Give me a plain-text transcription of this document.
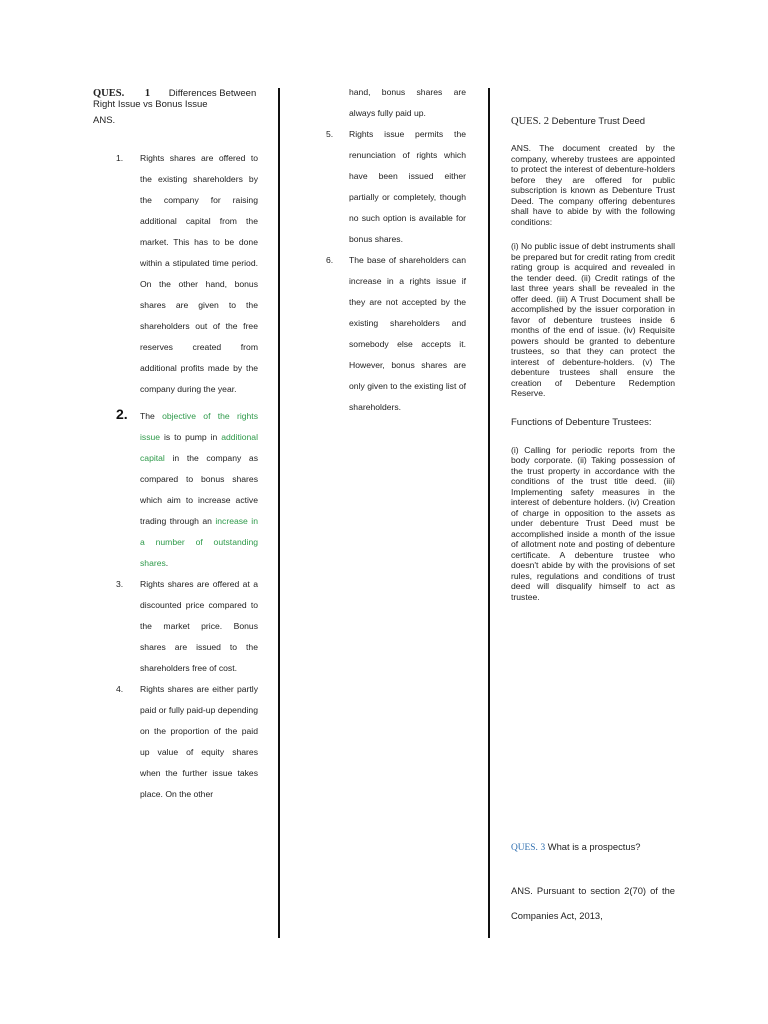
QUES. 1 Differences Between
Right Issue vs Bonus Issue
ANS.
1. Rights shares are offered to the existing shareholders by the company for raising additional capital from the market. This has to be done within a stipulated time period. On the other hand, bonus shares are given to the shareholders out of the free reserves created from additional profits made by the company during the year.
2. The objective of the rights issue is to pump in additional capital in the company as compared to bonus shares which aim to increase active trading through an increase in a number of outstanding shares.
3. Rights shares are offered at a discounted price compared to the market price. Bonus shares are issued to the shareholders free of cost.
4. Rights shares are either partly paid or fully paid-up depending on the proportion of the paid up value of equity shares when the further issue takes place. On the other
hand, bonus shares are always fully paid up.
5. Rights issue permits the renunciation of rights which have been issued either partially or completely, though no such option is available for bonus shares.
6. The base of shareholders can increase in a rights issue if they are not accepted by the existing shareholders and somebody else accepts it. However, bonus shares are only given to the existing list of shareholders.
QUES. 2 Debenture Trust Deed
ANS. The document created by the company, whereby trustees are appointed to protect the interest of debenture-holders before they are offered for public subscription is known as Debenture Trust Deed. The company offering debentures shall have to abide by with the following conditions:
(i) No public issue of debt instruments shall be prepared but for credit rating from credit rating group is acquired and revealed in the tender deed. (ii) Credit ratings of the last three years shall be revealed in the offer deed. (iii) A Trust Document shall be accomplished by the issuer corporation in favor of debenture trustees inside 6 months of the end of issue. (iv) Requisite powers should be granted to debenture trustees, so that they can protect the interest of debenture-holders. (v) The debenture trustees shall ensure the creation of Debenture Redemption Reserve.
Functions of Debenture Trustees:
(i) Calling for periodic reports from the body corporate. (ii) Taking possession of the trust property in accordance with the conditions of the trust title deed. (iii) Implementing safety measures in the interest of debenture holders. (iv) Creation of charge in opposition to the assets as under debenture Trust Deed must be accomplished inside a month of the issue of allotment note and posting of debenture certificate. A debenture trustee who doesn't abide by with the provisions of set rules, regulations and conditions of trust deed will disqualify himself to act as trustee.
QUES. 3 What is a prospectus?
ANS. Pursuant to section 2(70) of the Companies Act, 2013,
